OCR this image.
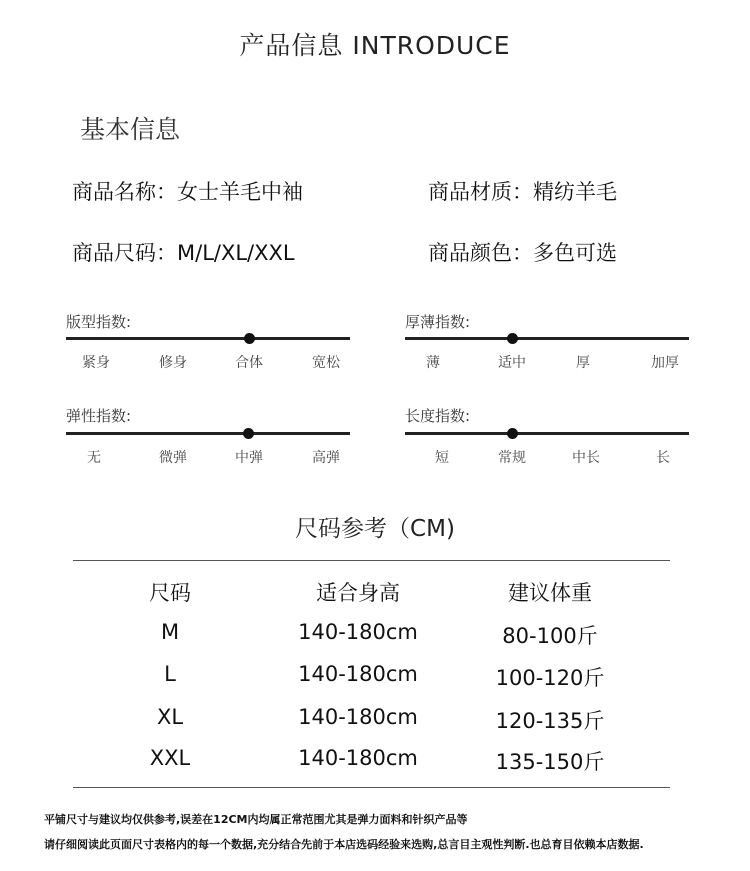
产品信息 INTRODUCE
基本信息
商品名称：女士羊毛中袖	商品材质：精纺羊毛
商品尺码：M/L/XL/XXL	商品颜色：多色可选
版型指数:
紧身	修身	合体	宽松
厚薄指数:
薄	适中	厚	加厚
弹性指数:
无	微弹	中弹	高弹
长度指数:
短	常规	中长	长
尺码参考（CM)
尺码	适合身高	建议体重
M	140-180cm	80-100斤
L	140-180cm	100-120斤
XL	140-180cm	120-135斤
XXL	140-180cm	135-150斤
平铺尺寸与建议均仅供参考,误差在12CM内均属正常范围尤其是弹力面料和针织产品等
请仔细阅读此页面尺寸表格内的每一个数据,充分结合先前于本店选码经验来选购,总言目主观性判断.也总育目依赖本店数据.
